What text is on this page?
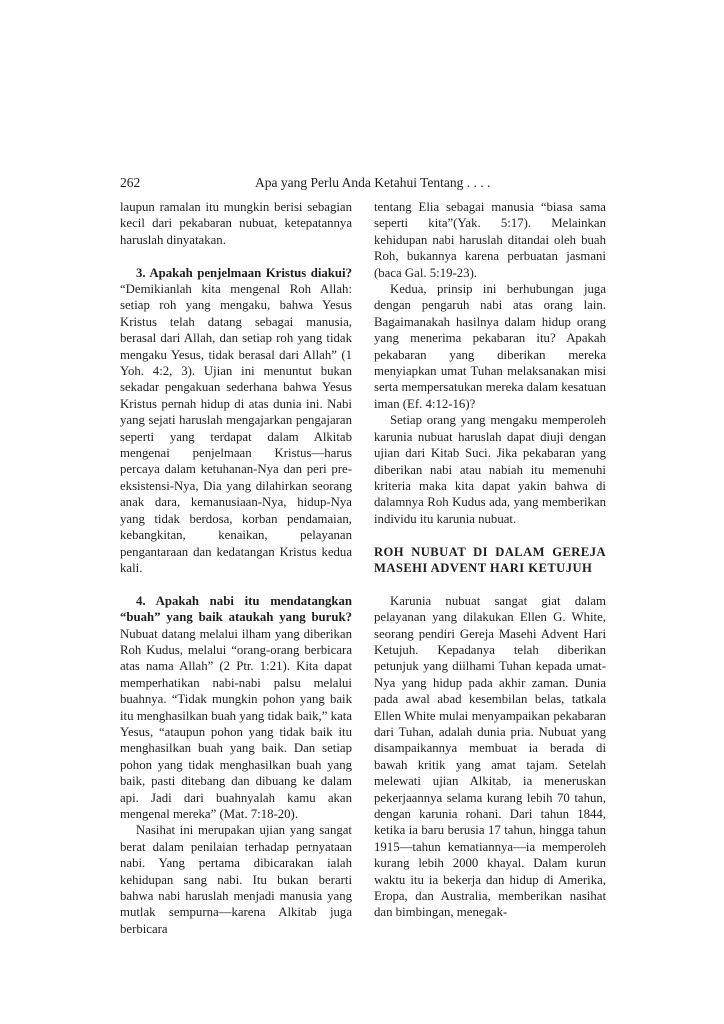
262	Apa yang Perlu Anda Ketahui Tentang . . . .

laupun ramalan itu mungkin berisi sebagian kecil dari pekabaran nubuat, ketepatannya haruslah dinyatakan.

3. Apakah penjelmaan Kristus diakui? “Demikianlah kita mengenal Roh Allah: setiap roh yang mengaku, bahwa Yesus Kristus telah datang sebagai manusia, berasal dari Allah, dan setiap roh yang tidak mengaku Yesus, tidak berasal dari Allah” (1 Yoh. 4:2, 3). Ujian ini menuntut bukan sekadar pengakuan sederhana bahwa Yesus Kristus pernah hidup di atas dunia ini. Nabi yang sejati haruslah mengajarkan pengajaran seperti yang terdapat dalam Alkitab mengenai penjelmaan Kristus—harus percaya dalam ketuhanan-Nya dan peri pre-eksistensi-Nya, Dia yang dilahirkan seorang anak dara, kemanusiaan-Nya, hidup-Nya yang tidak berdosa, korban pendamaian, kebangkitan, kenaikan, pelayanan pengantaraan dan kedatangan Kristus kedua kali.

4. Apakah nabi itu mendatangkan “buah” yang baik ataukah yang buruk? Nubuat datang melalui ilham yang diberikan Roh Kudus, melalui “orang-orang berbicara atas nama Allah” (2 Ptr. 1:21). Kita dapat memperhatikan nabi-nabi palsu melalui buahnya. “Tidak mungkin pohon yang baik itu menghasilkan buah yang tidak baik,” kata Yesus, “ataupun pohon yang tidak baik itu menghasilkan buah yang baik. Dan setiap pohon yang tidak menghasilkan buah yang baik, pasti ditebang dan dibuang ke dalam api. Jadi dari buahnyalah kamu akan mengenal mereka” (Mat. 7:18-20).

Nasihat ini merupakan ujian yang sangat berat dalam penilaian terhadap pernyataan nabi. Yang pertama dibicarakan ialah kehidupan sang nabi. Itu bukan berarti bahwa nabi haruslah menjadi manusia yang mutlak sempurna—karena Alkitab juga berbicara

tentang Elia sebagai manusia “biasa sama seperti kita”(Yak. 5:17). Melainkan kehidupan nabi haruslah ditandai oleh buah Roh, bukannya karena perbuatan jasmani (baca Gal. 5:19-23).

Kedua, prinsip ini berhubungan juga dengan pengaruh nabi atas orang lain. Bagaimanakah hasilnya dalam hidup orang yang menerima pekabaran itu? Apakah pekabaran yang diberikan mereka menyiapkan umat Tuhan melaksanakan misi serta mempersatukan mereka dalam kesatuan iman (Ef. 4:12-16)?

Setiap orang yang mengaku memperoleh karunia nubuat haruslah dapat diuji dengan ujian dari Kitab Suci. Jika pekabaran yang diberikan nabi atau nabiah itu memenuhi kriteria maka kita dapat yakin bahwa di dalamnya Roh Kudus ada, yang memberikan individu itu karunia nubuat.

ROH NUBUAT DI DALAM GEREJA MASEHI ADVENT HARI KETUJUH

Karunia nubuat sangat giat dalam pelayanan yang dilakukan Ellen G. White, seorang pendiri Gereja Masehi Advent Hari Ketujuh. Kepadanya telah diberikan petunjuk yang diilhami Tuhan kepada umat-Nya yang hidup pada akhir zaman. Dunia pada awal abad kesembilan belas, tatkala Ellen White mulai menyampaikan pekabaran dari Tuhan, adalah dunia pria. Nubuat yang disampaikannya membuat ia berada di bawah kritik yang amat tajam. Setelah melewati ujian Alkitab, ia meneruskan pekerjaannya selama kurang lebih 70 tahun, dengan karunia rohani. Dari tahun 1844, ketika ia baru berusia 17 tahun, hingga tahun 1915—tahun kematiannya—ia memperoleh kurang lebih 2000 khayal. Dalam kurun waktu itu ia bekerja dan hidup di Amerika, Eropa, dan Australia, memberikan nasihat dan bimbingan, menegak-
